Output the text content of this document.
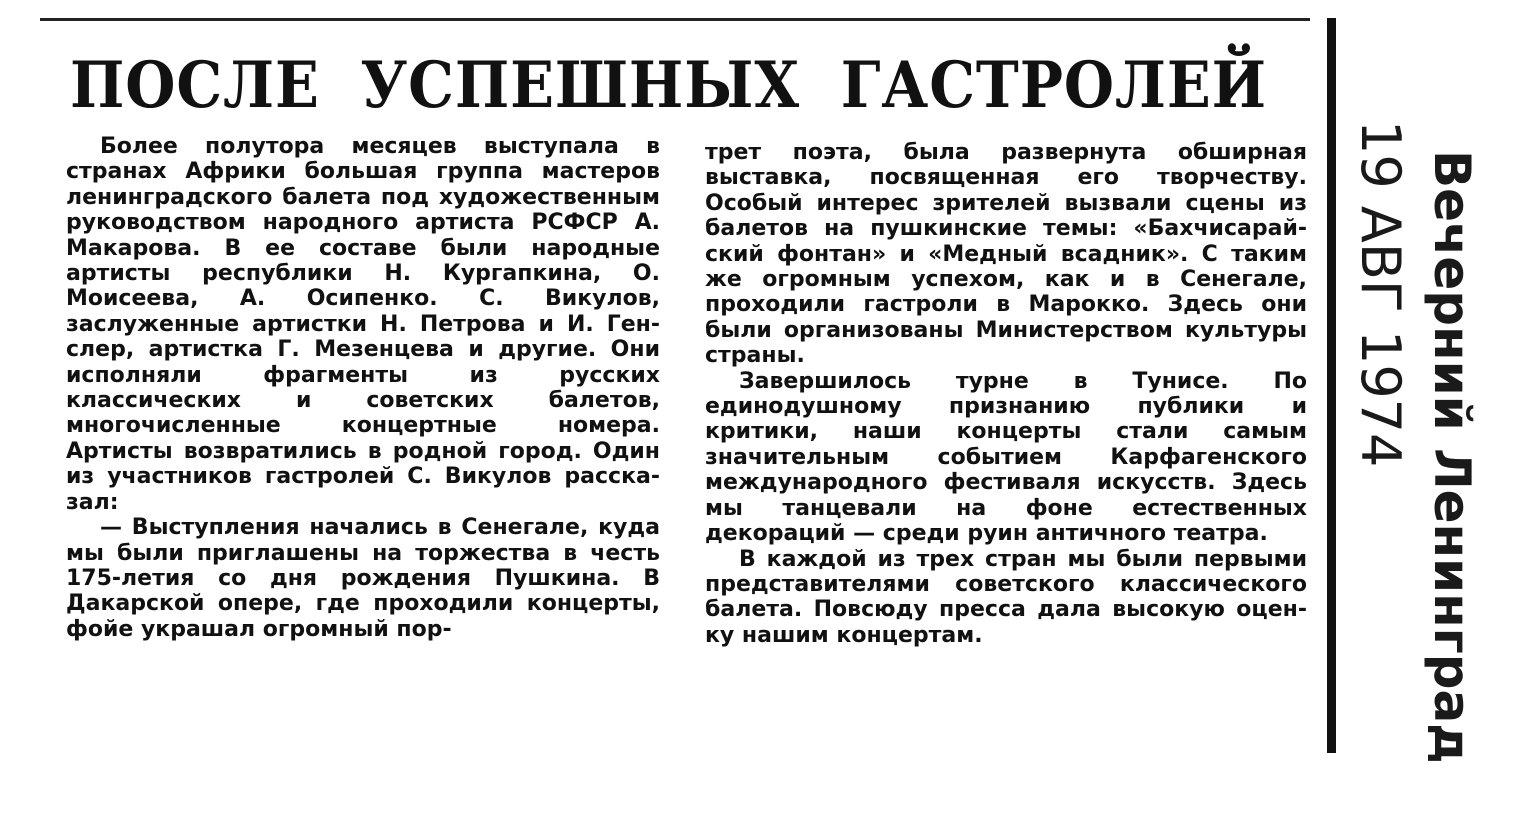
ПОСЛЕ УСПЕШНЫХ ГАСТРОЛЕЙ

Более полутора месяцев выступала в странах Африки большая группа мастеров ленинградского балета под художественным руководством народного артиста РСФСР А. Макарова. В ее составе были народные артисты республики Н. Кургапкина, О. Моисеева, А. Осипенко. С. Викулов, заслуженные артистки Н. Петрова и И. Генслер, артистка Г. Мезенцева и другие. Они исполняли фрагменты из русских классических и советских балетов, многочисленные концертные номера. Артисты возвратились в родной город. Один из участников гастролей С. Викулов рассказал:

— Выступления начались в Сенегале, куда мы были приглашены на торжества в честь 175-летия со дня рождения Пушкина. В Дакарской опере, где проходили концерты, фойе украшал огромный пор-

трет поэта, была развернута обширная выставка, посвященная его творчеству. Особый интерес зрителей вызвали сцены из балетов на пушкинские темы: «Бахчисарайский фонтан» и «Медный всадник». С таким же огромным успехом, как и в Сенегале, проходили гастроли в Марокко. Здесь они были организованы Министерством культуры страны.

Завершилось турне в Тунисе. По единодушному признанию публики и критики, наши концерты стали самым значительным событием Карфагенского международного фестиваля искусств. Здесь мы танцевали на фоне естественных декораций — среди руин античного театра.

В каждой из трех стран мы были первыми представителями советского классического балета. Повсюду пресса дала высокую оценку нашим концертам.

19 АВГ 1974 Вечерний Ленинград
